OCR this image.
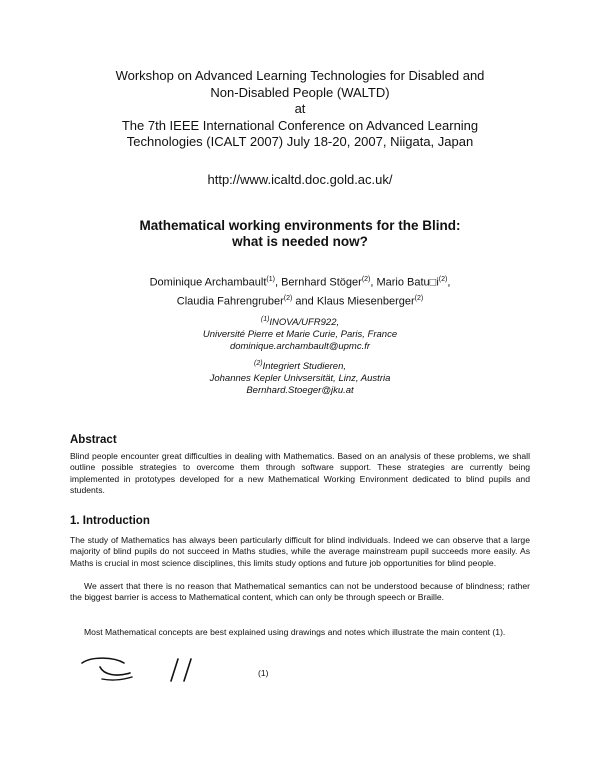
Workshop on Advanced Learning Technologies for Disabled and
Non-Disabled People (WALTD)
at
The 7th IEEE International Conference on Advanced Learning
Technologies (ICALT 2007) July 18-20, 2007, Niigata, Japan
http://www.icaltd.doc.gold.ac.uk/
Mathematical working environments for the Blind:
what is needed now?
Dominique Archambault$^{(1)}$, Bernhard Stöger$^{(2)}$, Mario $Batu□i^{(2)}$,
Claudia Fahrengruber$^{(2)}$ and Klaus Miesenberger$^{(2)}$
$^{(1)}$INOVA/UFR922,
Université Pierre et Marie Curie, Paris, France
dominique.archambault@upmc.fr
$^{(2)}$Integriert Studieren,
Johannes Kepler Univsersität, Linz, Austria
Bernhard.Stoeger@jku.at
Abstract
Blind people encounter great difficulties in dealing with Mathematics. Based on an analysis of these problems, we shall outline possible strategies to overcome them through software support. These strategies are currently being implemented in prototypes developed for a new Mathematical Working Environment dedicated to blind pupils and students.
1. Introduction
The study of Mathematics has always been particularly difficult for blind individuals. Indeed we can observe that a large majority of blind pupils do not succeed in Maths studies, while the average mainstream pupil succeeds more easily. As Maths is crucial in most science disciplines, this limits study options and future job opportunities for blind people.
We assert that there is no reason that Mathematical semantics can not be understood because of blindness; rather the biggest barrier is access to Mathematical content, which can only be through speech or Braille.
Most Mathematical concepts are best explained using drawings and notes which illustrate the main content (1).
(1)
